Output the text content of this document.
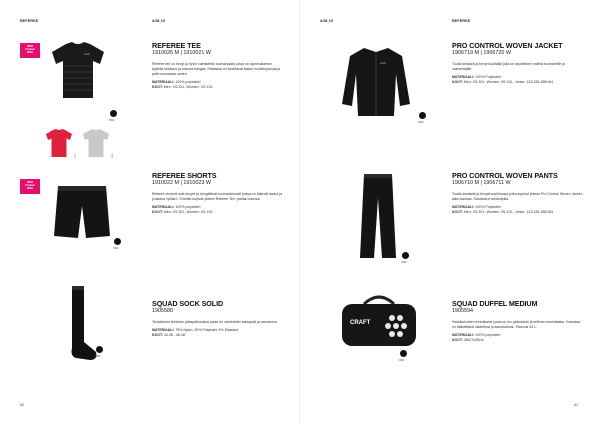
REFEREE	A/W 19
NEW
Product
2019	craft
9999
2700	1900
REFEREE TEE
1910026 M | 1910021 W
Referee tee on kevyt ja hyvin valmistettu tuomaripaita jossa on ajanmukainen tyylikäs leikkaus ja tuntuva kangas. Paidassa on tarvittavat taskut muistiinpanoja ja pelin seurantaa varten.
MATERIAALI: 100% polyesteri
KOOT: Men: XS-3XL, Women: XS-XXL
NEW
Product
2019
9999
REFEREE SHORTS
1910022 M | 1910023 W
Referee shortsit ovat kevyet ja hengittävät tuomarishortsit joissa on kätevät taskut ja joustava vyötärö. Shortsit sopivat yhteen Referee Tee -paidan kanssa.
MATERIAALI: 100% polyesteri
KOOT: Men: XS-3XL, Women: XS-XXL
9999
SQUAD SOCK SOLID
1905580
Yksivärinen tekninen jalkapallosukka jossa on vahvistettu kantapää ja varvasosa.
MATERIAALI: 75% Nylon, 20% Polyester, 5% Elastane
KOOT: 34-36 - 46-48
60
A/W 19	REFEREE
craft
9999
PRO CONTROL WOVEN JACKET
1906719 M | 1906720 W
Tuulta kestävä ja kevyt tuulitakki joka on täydellinen valinta tuomareille ja valmentajille.
MATERIAALI: 100% Polyesteri
KOOT: Men: XS-3XL, Women: XS-XXL, Junior: 122/128-158/164
9999
PRO CONTROL WOVEN PANTS
1906710 M | 1906711 W
Tuulta kestävät ja kevyet tuulihousut jotka sopivat yhteen Pro Control Woven Jacket -takin kanssa. Sivutaskut vetoketjulla.
MATERIAALI: 100% Polyesteri
KOOT: Men: XS-3XL, Women: XS-XXL, Junior: 122/128-158/164
CRAFT
9999
SQUAD DUFFEL MEDIUM
1905594
Keskikokoinen treenikassi jossa on iso pääosasto ja erillinen kenkätasku. Kassissa on säädettävä olkahihna ja kantokahvat. Tilavuus 33 L.
MATERIAALI: 100% polyesteri
KOOT: 45x27x30cm
61
